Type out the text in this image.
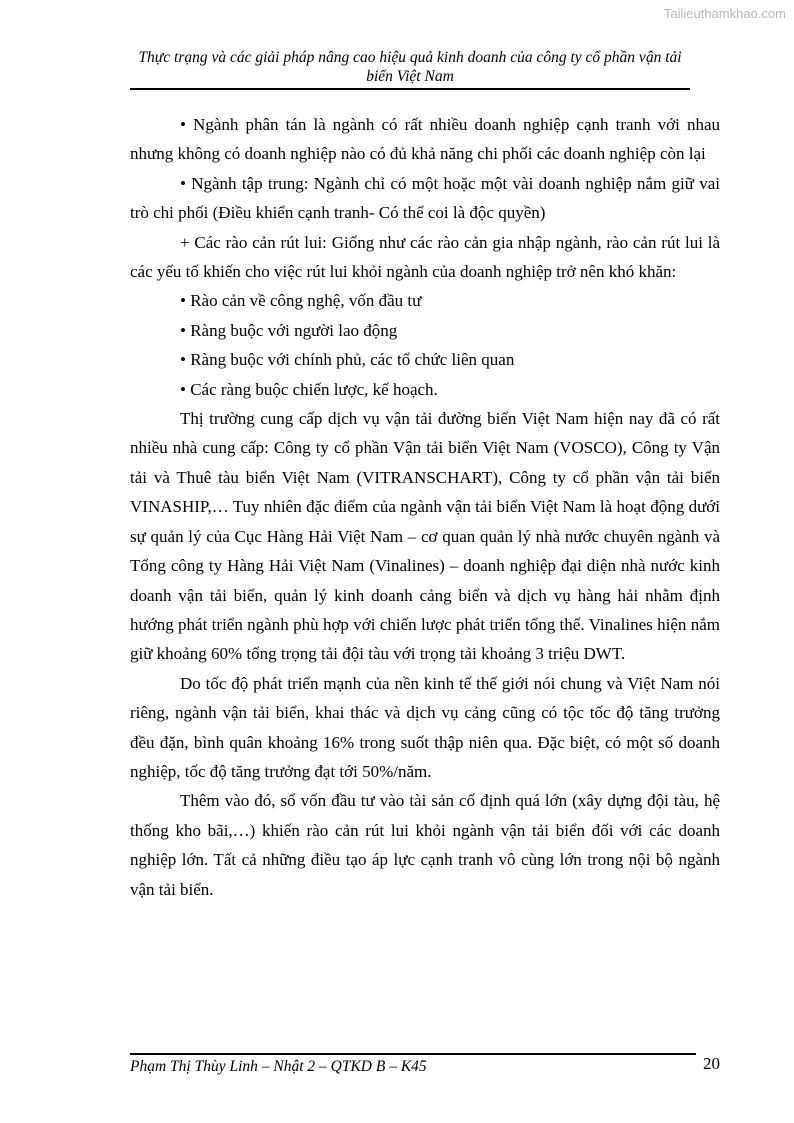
Tailieuthamkhao.com
Thực trạng và các giải pháp nâng cao hiệu quả kinh doanh của công ty cổ phần vận tải biển Việt Nam

• Ngành phân tán là ngành có rất nhiều doanh nghiệp cạnh tranh với nhau nhưng không có doanh nghiệp nào có đủ khả năng chi phối các doanh nghiệp còn lại

• Ngành tập trung: Ngành chỉ có một hoặc một vài doanh nghiệp nắm giữ vai trò chi phối (Điều khiển cạnh tranh- Có thể coi là độc quyền)

+ Các rào cản rút lui: Giống như các rào cản gia nhập ngành, rào cản rút lui là các yếu tố khiến cho việc rút lui khỏi ngành của doanh nghiệp trở nên khó khăn:

• Rào cản về công nghệ, vốn đầu tư

• Ràng buộc với người lao động

• Ràng buộc với chính phủ, các tổ chức liên quan

• Các ràng buộc chiến lược, kế hoạch.

Thị trường cung cấp dịch vụ vận tải đường biển Việt Nam hiện nay đã có rất nhiều nhà cung cấp: Công ty cổ phần Vận tải biển Việt Nam (VOSCO), Công ty Vận tải và Thuê tàu biển Việt Nam (VITRANSCHART), Công ty cổ phần vận tải biển VINASHIP,… Tuy nhiên đặc điểm của ngành vận tải biển Việt Nam là hoạt động dưới sự quản lý của Cục Hàng Hải Việt Nam – cơ quan quản lý nhà nước chuyên ngành và Tổng công ty Hàng Hải Việt Nam (Vinalines) – doanh nghiệp đại diện nhà nước kinh doanh vận tải biển, quản lý kinh doanh cảng biển và dịch vụ hàng hải nhằm định hướng phát triển ngành phù hợp với chiến lược phát triển tổng thể. Vinalines hiện nắm giữ khoảng 60% tổng trọng tải đội tàu với trọng tải khoảng 3 triệu DWT.

Do tốc độ phát triển mạnh của nền kinh tế thế giới nói chung và Việt Nam nói riêng, ngành vận tải biển, khai thác và dịch vụ cảng cũng có tộc tốc độ tăng trưởng đều đặn, bình quân khoảng 16% trong suốt thập niên qua. Đặc biệt, có một số doanh nghiệp, tốc độ tăng trưởng đạt tới 50%/năm.

Thêm vào đó, số vốn đầu tư vào tài sản cố định quá lớn (xây dựng đội tàu, hệ thống kho bãi,…) khiến rào cản rút lui khỏi ngành vận tải biển đối với các doanh nghiệp lớn. Tất cả những điều tạo áp lực cạnh tranh vô cùng lớn trong nội bộ ngành vận tải biển.

Phạm Thị Thùy Linh – Nhật 2 – QTKD B – K45	20
